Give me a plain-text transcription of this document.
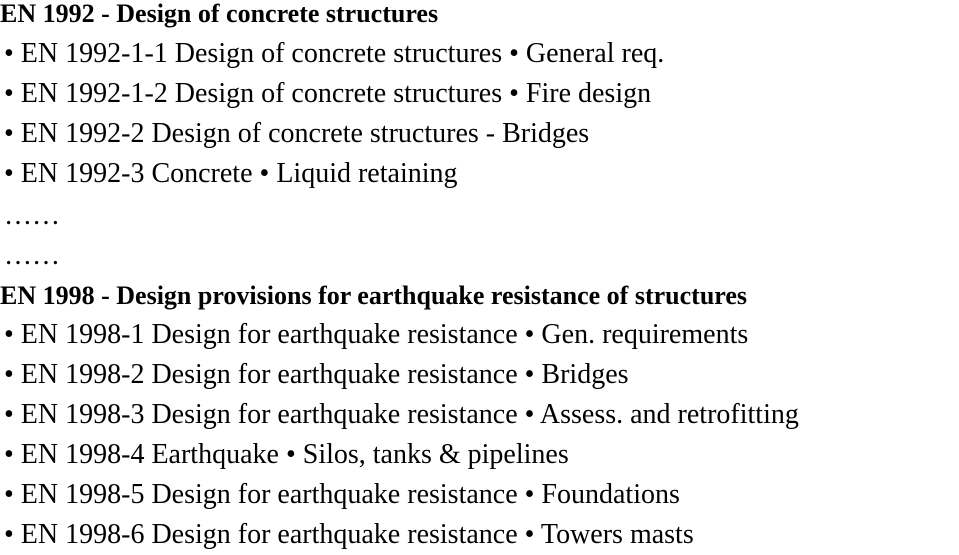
EN 1992 - Design of concrete structures
• EN 1992-1-1 Design of concrete structures • General req.
• EN 1992-1-2 Design of concrete structures • Fire design
• EN 1992-2 Design of concrete structures - Bridges
• EN 1992-3 Concrete • Liquid retaining
……
……
EN 1998 - Design provisions for earthquake resistance of structures
• EN 1998-1 Design for earthquake resistance • Gen. requirements
• EN 1998-2 Design for earthquake resistance • Bridges
• EN 1998-3 Design for earthquake resistance • Assess. and retrofitting
• EN 1998-4 Earthquake • Silos, tanks & pipelines
• EN 1998-5 Design for earthquake resistance • Foundations
• EN 1998-6 Design for earthquake resistance • Towers masts
